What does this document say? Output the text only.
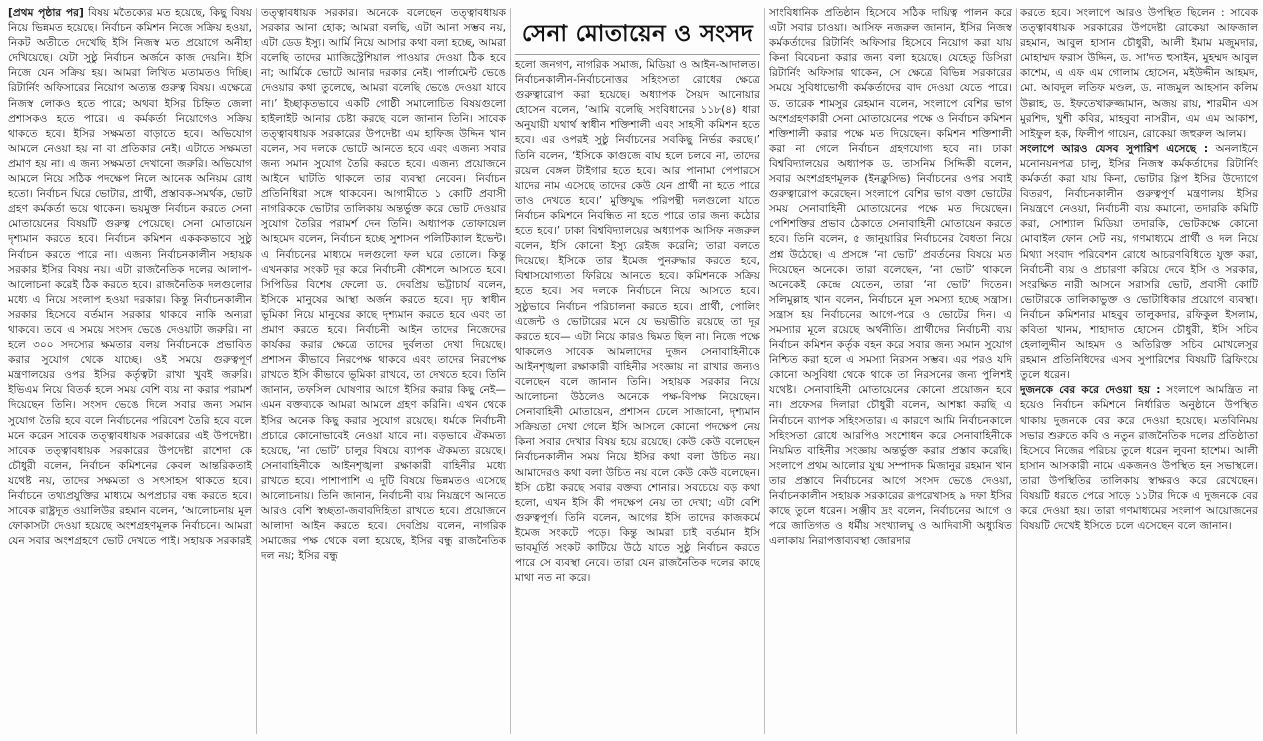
[প্রথম পৃষ্ঠার পর] বিষয় মতৈক্যের মত হয়েছে, কিছু বিষয় নিয়ে ভিন্নমত হয়েছে। নির্বাচন কমিশন নিজে সক্রিয় হওয়া, নিকট অতীতে দেখেছি ইসি নিজস্ব মত প্রয়োগে অনীহা দেখিয়েছে। যেটা সুষ্ঠু নির্বাচন অর্জনে কাজ দেয়নি। ইসি নিজে যেন সক্রিয় হয়। আমরা লিখিত মতামতও দিচ্ছি। রিটার্নিং অফিসারের নিয়োগ অত্যন্ত গুরুত্ব বিষয়। এক্ষেত্রে নিজস্ব লোকও হতে পারে; অথবা ইসির চিহ্নিত জেলা প্রশাসকও হতে পারে। এ কর্মকর্তা নিয়োগেও সক্রিয় থাকতে হবে। ইসির সক্ষমতা বাড়াতে হবে। অভিযোগ আমলে নেওয়া হয় না বা প্রতিকার নেই। এটাতে সক্ষমতা প্রমাণ হয় না। এ জন্য সক্ষমতা দেখানো জরুরি। অভিযোগ আমলে নিয়ে সঠিক পদক্ষেপ নিলে আনেক অনিয়ম রোধ হতো। নির্বাচন ঘিরে ভোটার, প্রার্থী, প্রস্তাবক-সমর্থক, ভোট গ্রহণ কর্মকর্তা ভয়ে থাকেন। ভয়মুক্ত নির্বাচন করতে সেনা মোতায়েনের বিষয়টি গুরুত্ব পেয়েছে। সেনা মোতায়েন দৃশ্যমান করতে হবে। নির্বাচন কমিশন একককভাবে সুষ্ঠু নির্বাচন করতে পারে না। এজন্য নির্বাচনকালীন সহায়ক সরকার ইসির বিষয় নয়। এটা রাজনৈতিক দলের আলাপ-আলোচনা করেই ঠিক করতে হবে। রাজনৈতিক দলগুলোর মধ্যে এ নিয়ে সংলাপ হওয়া দরকার। কিন্তু নির্বাচনকালীন সরকার হিসেবে বর্তমান সরকার থাকবে নাকি অন্যরা থাকবে। তবে এ সময়ে সংসদ ভেঙে দেওয়াটা জরুরি। না হলে ৩০০ সদস্যের ক্ষমতার বলয় নির্বাচনকে প্রভাবিত করার সুযোগ থেকে যাচ্ছে। ওই সময়ে গুরুত্বপূর্ণ মন্ত্রণালয়ের ওপর ইসির কর্তৃত্বটা রাখা খুবই জরুরি। ইভিএম নিয়ে বিতর্ক হলে সময় বেশি ব্যয় না করার পরামর্শ দিয়েছেন তিনি। সংসদ ভেঙে দিলে সবার জন্য সমান সুযোগ তৈরি হবে বলে নির্বাচনের পরিবেশ তৈরি হবে বলে মনে করেন সাবেক তত্ত্বাবধায়ক সরকারের এই উপদেষ্টা। সাবেক তত্ত্বাবধায়ক সরকারের উপদেষ্টা রাশেদা কে চৌধুরী বলেন, নির্বাচন কমিশনের কেবল আন্তরিকতাই যথেষ্ট নয়, তাদের সক্ষমতা ও সৎসাহস থাকতে হবে। নির্বাচনে তথ্যপ্রযুক্তির মাধ্যমে অপপ্রচার বন্ধ করতে হবে। সাবেক রাষ্ট্রদূত ওয়ালিউর রহমান বলেন, ‘আলোচনায় মূল ফোকাসটা দেওয়া হয়েছে অংশগ্রহণমূলক নির্বাচনে। আমরা যেন সবার অংশগ্রহণে ভোট দেখতে পাই। সহায়ক সরকারই

তত্ত্বাবধায়ক সরকার। অনেকে বলেছেন তত্ত্বাবধায়ক সরকার আনা হোক; আমরা বলছি, এটা আনা সম্ভব নয়, এটা ডেড ইস্যু। আর্মি নিয়ে আসার কথা বলা হচ্ছে, আমরা বলেছি তাদের ম্যাজিস্ট্রেশিয়াল পাওয়ার দেওয়া ঠিক হবে না; আর্মিকে ভোটে আনার দরকার নেই। পার্লামেন্ট ভেঙে দেওয়ার কথা তুলেছে, আমরা বলেছি ভেঙে দেওয়া যাবে না।’ ইচ্ছাকৃতভাবে একটি গোষ্ঠী সমালোচিত বিষয়গুলো হাইলাইট আনার চেষ্টা করছে বলে জানান তিনি। সাবেক তত্ত্বাবধায়ক সরকারের উপদেষ্টা এম হাফিজ উদ্দিন খান বলেন, সব দলকে ভোটে আনতে হবে এবং এজন্য সবার জন্য সমান সুযোগ তৈরি করতে হবে। এজন্য প্রয়োজনে আইনে ঘাটতি থাকলে তার ব্যবস্থা নেবেন। নির্বাচন প্রতিনিধিরা সঙ্গে থাকবেন। আগামীতে ১ কোটি প্রবাসী নাগরিককে ভোটার তালিকায় অন্তর্ভুক্ত করে ভোট দেওয়ার সুযোগ তৈরির পরামর্শ দেন তিনি। অধ্যাপক তোফায়েল আহমেদ বলেন, নির্বাচন হচ্ছে সুশাসন পলিটিক্যাল ইভেন্ট। এ নির্বাচনের মাধ্যমে দলগুলো ফল ঘরে তোলে। কিন্তু এখনকার সংকট দূর করে নির্বাচনী কৌশলে আসতে হবে। সিপিডির বিশেষ ফেলো ড. দেবপ্রিয় ভট্টাচার্য বলেন, ইসিকে মানুষের আস্থা অর্জন করতে হবে। দৃঢ় স্বাধীন ভূমিকা নিয়ে মানুষের কাছে দৃশ্যমান করতে হবে এবং তা প্রমাণ করতে হবে। নির্বাচনী আইন তাদের নিজেদের কার্যকর করার ক্ষেত্রে তাদের দুর্বলতা দেখা দিয়েছে। প্রশাসন কীভাবে নিরপেক্ষ থাকবে এবং তাদের নিরপেক্ষ রাখতে ইসি কীভাবে ভূমিকা রাখবে, তা দেখতে হবে। তিনি জানান, তফসিল ঘোষণার আগে ইসির করার কিছু নেই— এমন বক্তব্যকে আমরা আমলে গ্রহণ করিনি। এখন থেকে ইসির অনেক কিছু করার সুযোগ রয়েছে। ধর্মকে নির্বাচনী প্রচারে কোনোভাবেই নেওয়া যাবে না। বড়ভাবে ঐকমত্য হয়েছে, ‘না ভোট’ চালুর বিষয়ে ব্যাপক ঐকমত্য রয়েছে। সেনাবাহিনীকে আইনশৃঙ্খলা রক্ষাকারী বাহিনীর মধ্যে রাখতে হবে। পাশাপাশি এ দুটি বিষয়ে ভিন্নমতও এসেছে আলোচনায়। তিনি জানান, নির্বাচনী ব্যয় নিয়ন্ত্রণে আনতে আরও বেশি স্বচ্ছতা-জবাবদিহিতা রাখতে হবে। প্রয়োজনে আলাদা আইন করতে হবে। দেবপ্রিয় বলেন, নাগরিক সমাজের পক্ষ থেকে বলা হয়েছে, ইসির বন্ধু রাজনৈতিক দল নয়; ইসির বন্ধু

সেনা মোতায়েন ও সংসদ

হলো জনগণ, নাগরিক সমাজ, মিডিয়া ও আইন-আদালত। নির্বাচনকালীন-নির্বাচনোত্তর সহিংসতা রোধের ক্ষেত্রে গুরুত্বারোপ করা হয়েছে। অধ্যাপক সৈয়দ আনোয়ার হোসেন বলেন, ‘আমি বলেছি সংবিধানের ১১৮(৪) ধারা অনুযায়ী যথার্থ স্বাধীন শক্তিশালী এবং সাহসী কমিশন হতে হবে। এর ওপরই সুষ্ঠু নির্বাচনের সবকিছু নির্ভর করছে।’ তিনি বলেন, ‘ইসিকে কাগুজে বাঘ হলে চলবে না, তাদের রয়েল বেঙ্গল টাইগার হতে হবে। আর পানামা পেপারসে যাদের নাম এসেছে তাদের কেউ যেন প্রার্থী না হতে পারে তাও দেখতে হবে।’ মুক্তিযুদ্ধ পরিপন্থী দলগুলো যাতে নির্বাচন কমিশনে নিবন্ধিত না হতে পারে তার জন্য কঠোর হতে হবে।’ ঢাকা বিশ্ববিদ্যালয়ের অধ্যাপক আসিফ নজরুল বলেন, ইসি কোনো ইস্যু রেইজ করেনি; তারা বলতে দিয়েছে। ইসিকে তার ইমেজ পুনরুদ্ধার করতে হবে, বিশ্বাসযোগ্যতা ফিরিয়ে আনতে হবে। কমিশনকে সক্রিয় হতে হবে। সব দলকে নির্বাচনে নিয়ে আসতে হবে। সুষ্ঠুভাবে নির্বাচন পরিচালনা করতে হবে। প্রার্থী, পোলিং এজেন্ট ও ভোটারের মনে যে ভয়ভীতি রয়েছে তা দূর করতে হবে— এটা নিয়ে কারও দ্বিমত ছিল না। নিজে পক্ষে থাকলেও সাবেক আমলাদের দুজন সেনাবাহিনীকে আইনশৃঙ্খলা রক্ষাকারী বাহিনীর সংজ্ঞায় না রাখার জন্যও বলেছেন বলে জানান তিনি। সহায়ক সরকার নিয়ে আলোচনা উঠলেও অনেকে পক্ষ-বিপক্ষ নিয়েছেন। সেনাবাহিনী মোতায়েন, প্রশাসন ঢেলে সাজানো, দৃশ্যমান সক্রিয়তা দেখা গেলে ইসি আসলে কোনো পদক্ষেপ নেয় কিনা সবার দেখার বিষয় হয়ে রয়েছে। কেউ কেউ বলেছেন নির্বাচনকালীন সময় নিয়ে ইসির কথা বলা উচিত নয়। আমাদেরও কথা বলা উচিত নয় বলে কেউ কেউ বলেছেন। ইসি চেষ্টা করছে সবার বক্তব্য শোনার। সবচেয়ে বড় কথা হলো, এখন ইসি কী পদক্ষেপ নেয় তা দেখা; এটা বেশি গুরুত্বপূর্ণ। তিনি বলেন, আগের ইসি তাদের কাজকর্মে ইমেজ সংকটে পড়ে। কিন্তু আমরা চাই বর্তমান ইসি ভাবমূর্তি সংকট কাটিয়ে উঠে যাতে সুষ্ঠু নির্বাচন করতে পারে সে ব্যবস্থা নেবে। তারা যেন রাজনৈতিক দলের কাছে মাথা নত না করে।

সাংবিধানিক প্রতিষ্ঠান হিসেবে সঠিক দায়িত্ব পালন করে এটা সবার চাওয়া। আসিফ নজরুল জানান, ইসির নিজস্ব কর্মকর্তাদের রিটার্নিং অফিসার হিসেবে নিয়োগ করা যায় কিনা বিবেচনা করার জন্য বলা হয়েছে। যেহেতু ডিসিরা রিটার্নিং অফিসার থাকেন, সে ক্ষেত্রে বিভিন্ন সরকারের সময়ে সুবিধাভোগী কর্মকর্তাদের বাদ দেওয়া যেতে পারে। ড. তারেক শামসুর রেহমান বলেন, সংলাপে বেশির ভাগ অংশগ্রহণকারী সেনা মোতায়েনের পক্ষে ও নির্বাচন কমিশন শক্তিশালী করার পক্ষে মত দিয়েছেন। কমিশন শক্তিশালী করা না গেলে নির্বাচন গ্রহণযোগ্য হবে না। ঢাকা বিশ্ববিদ্যালয়ের অধ্যাপক ড. তাসনিম সিদ্দিকী বলেন, সবার অংশগ্রহণমূলক (ইনক্লুসিভ) নির্বাচনের ওপর সবাই গুরুত্বারোপ করেছেন। সংলাপে বেশির ভাগ বক্তা ভোটের সময় সেনাবাহিনী মোতায়েনের পক্ষে মত দিয়েছেন। পেশিশক্তির প্রভাব ঠেকাতে সেনাবাহিনী মোতায়েন করতে হবে। তিনি বলেন, ৫ জানুয়ারির নির্বাচনের বৈধতা নিয়ে প্রশ্ন উঠেছে। এ প্রসঙ্গে ‘না ভোট’ প্রবর্তনের বিষয়ে মত দিয়েছেন অনেকে। তারা বলেছেন, ‘না ভোট’ থাকলে অনেকেই কেন্দ্রে যেতেন, তারা ‘না ভোট’ দিতেন। সলিমুল্লাহ খান বলেন, নির্বাচনে মূল সমস্যা হচ্ছে সন্ত্রাস। সন্ত্রাস হয় নির্বাচনের আগে-পরে ও ভোটের দিন। এ সমস্যার মূলে রয়েছে অর্থনীতি। প্রার্থীদের নির্বাচনী ব্যয় নির্বাচন কমিশন কর্তৃক বহন করে সবার জন্য সমান সুযোগ নিশ্চিত করা হলে এ সমস্যা নিরসন সম্ভব। এর পরও যদি কোনো অসুবিধা থেকে থাকে তা নিরসনের জন্য পুলিশই যথেষ্ট। সেনাবাহিনী মোতায়েনের কোনো প্রয়োজন হবে না। প্রফেসর দিলারা চৌধুরী বলেন, আশঙ্কা করছি এ নির্বাচনে ব্যাপক সহিংসতার। এ কারণে আমি নির্বাচনকালে সহিংসতা রোধে আরপিও সংশোধন করে সেনাবাহিনীকে নিয়মিত বাহিনীর সংজ্ঞায় অন্তর্ভুক্ত করার প্রস্তাব করেছি। সংলাপে প্রথম আলোর যুগ্ম সম্পাদক মিজানুর রহমান খান তার প্রস্তাবে নির্বাচনের আগে সংসদ ভেঙে দেওয়া, নির্বাচনকালীন সহায়ক সরকারের রূপরেখাসহ ৯ দফা ইসির কাছে তুলে ধরেন। সঞ্জীব দ্রং বলেন, নির্বাচনের আগে ও পরে জাতিগত ও ধর্মীয় সংখ্যালঘু ও আদিবাসী অধ্যুষিত এলাকায় নিরাপত্তাব্যবস্থা জোরদার

করতে হবে। সংলাপে আরও উপস্থিত ছিলেন : সাবেক তত্ত্বাবধায়ক সরকারের উপদেষ্টা রোকেয়া আফজাল রহমান, আবুল হাসান চৌধুরী, আলী ইমাম মজুমদার, মোহাম্মদ ফরাস উদ্দিন, ড. সা'দত হুসাইন, মুহম্মদ আবুল কাশেম, এ এফ এম গোলাম হোসেন, মইউদ্দীন আহমদ, মো. আবদুল লতিফ মণ্ডল, ড. নাজমুল আহসান কলিম উল্লাহ, ড. ইফতেখারুজ্জামান, অজয় রায়, শারমীন এস মুরশিদ, খুশী কবির, মাহবুবা নাসরীন, এম এম আকাশ, সাইফুল হক, ফিলীপ গায়েন, রোকেয়া জহুরুল আলম।

সংলাপে আরও যেসব সুপারিশ এসেছে : অনলাইনে মনোনয়নপত্র চালু, ইসির নিজস্ব কর্মকর্তাদের রিটার্নিং কর্মকর্তা করা যায় কিনা, ভোটার স্লিপ ইসির উদ্যোগে বিতরণ, নির্বাচনকালীন গুরুত্বপূর্ণ মন্ত্রণালয় ইসির নিয়ন্ত্রণে নেওয়া, নির্বাচনী ব্যয় কমানো, তদারকি কমিটি করা, সোশ্যাল মিডিয়া তদারকি, ভোটকক্ষে কোনো মোবাইল ফোন সেট নয়, গণমাধ্যমে প্রার্থী ও দল নিয়ে মিথ্যা সংবাদ পরিবেশন রোধে আচরণবিধিতে যুক্ত করা, নির্বাচনী ব্যয় ও প্রচারণা করিয়ে দেবে ইসি ও সরকার, সংরক্ষিত নারী আসনে সরাসরি ভোট, প্রবাসী কোটি ভোটারকে তালিকাভুক্ত ও ভোটাধিকার প্রয়োগে ব্যবস্থা। নির্বাচন কমিশনার মাহবুব তালুকদার, রফিকুল ইসলাম, কবিতা খানম, শাহাদাত হোসেন চৌধুরী, ইসি সচিব হেলালুদ্দীন আহমদ ও অতিরিক্ত সচিব মোখলেসুর রহমান প্রতিনিধিদের এসব সুপারিশের বিষয়টি ব্রিফিংয়ে তুলে ধরেন।

দুজনকে বের করে দেওয়া হয় : সংলাপে আমন্ত্রিত না হয়েও নির্বাচন কমিশনে নির্ধারিত অনুষ্ঠানে উপস্থিত থাকায় দুজনকে বের করে দেওয়া হয়েছে। মতবিনিময় সভার শুরুতে কবি ও নতুন রাজনৈতিক দলের প্রতিষ্ঠাতা হিসেবে নিজের পরিচয় তুলে ধরেন লুবনা হাশেম। আলী হাসান আসকারী নামে একজনও উপস্থিত হন সভাস্থলে। তারা উপস্থিতির তালিকায় স্বাক্ষরও করে রেখেছেন। বিষয়টি ধরতে পেরে সাড়ে ১১টার দিকে এ দুজনকে বের করে দেওয়া হয়। তারা গণমাধ্যমের সংলাপ আয়োজনের বিষয়টি দেখেই ইসিতে চলে এসেছেন বলে জানান।
